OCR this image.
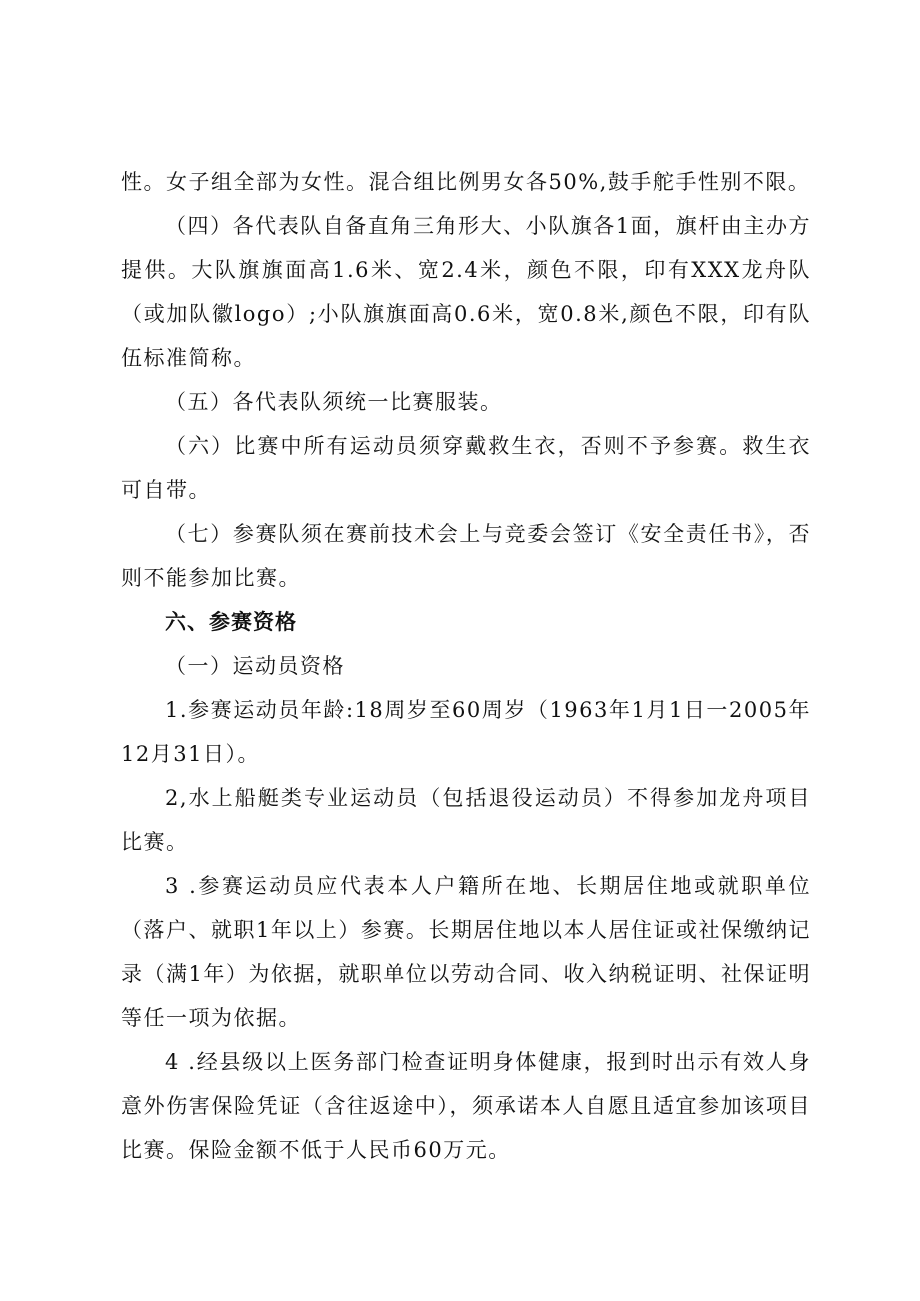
性。女子组全部为女性。混合组比例男女各50%,鼓手舵手性别不限。

（四）各代表队自备直角三角形大、小队旗各1面，旗杆由主办方提供。大队旗旗面高1.6米、宽2.4米，颜色不限，印有XXX龙舟队（或加队徽logo）;小队旗旗面高0.6米，宽0.8米,颜色不限，印有队伍标准简称。

（五）各代表队须统一比赛服装。

（六）比赛中所有运动员须穿戴救生衣，否则不予参赛。救生衣可自带。

（七）参赛队须在赛前技术会上与竞委会签订《安全责任书》，否则不能参加比赛。

六、参赛资格

（一）运动员资格

1.参赛运动员年龄:18周岁至60周岁（1963年1月1日一2005年12月31日）。

2,水上船艇类专业运动员（包括退役运动员）不得参加龙舟项目比赛。

3 .参赛运动员应代表本人户籍所在地、长期居住地或就职单位（落户、就职1年以上）参赛。长期居住地以本人居住证或社保缴纳记录（满1年）为依据，就职单位以劳动合同、收入纳税证明、社保证明等任一项为依据。

4 .经县级以上医务部门检查证明身体健康，报到时出示有效人身意外伤害保险凭证（含往返途中），须承诺本人自愿且适宜参加该项目比赛。保险金额不低于人民币60万元。
